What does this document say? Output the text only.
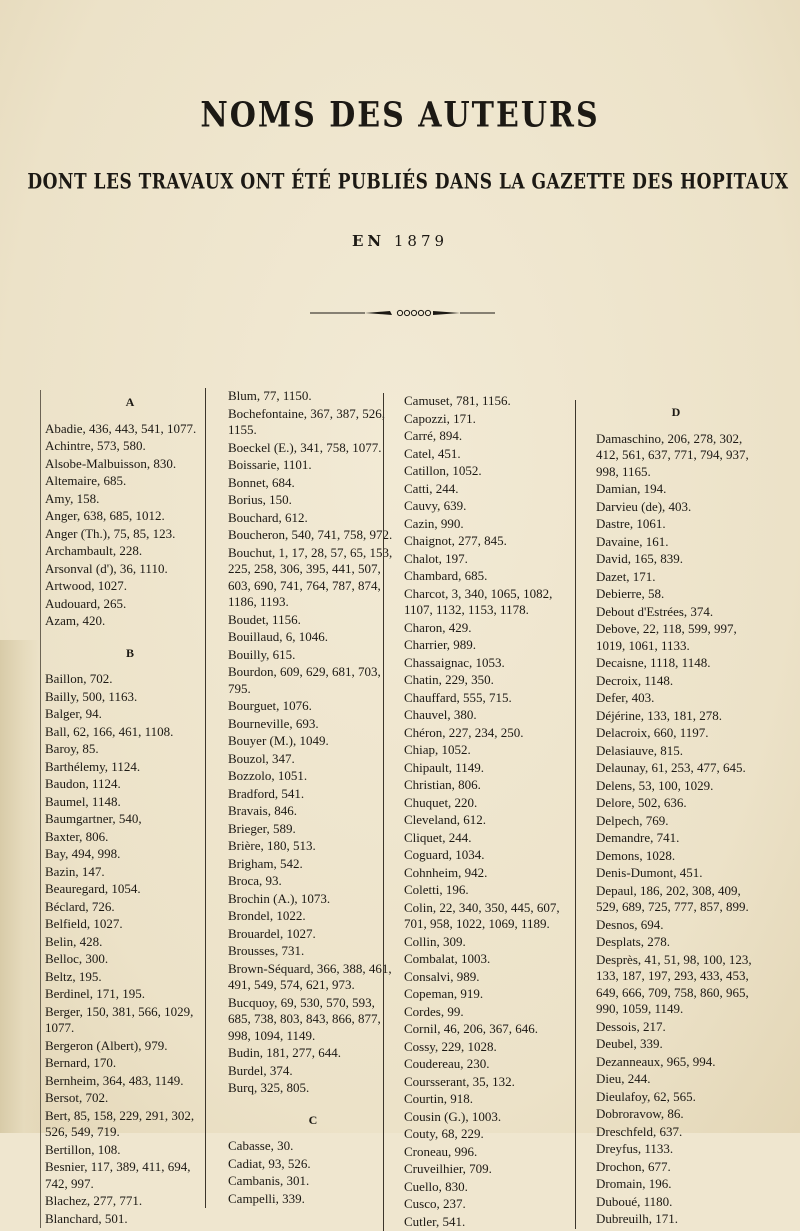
NOMS DES AUTEURS
DONT LES TRAVAUX ONT ÉTÉ PUBLIÉS DANS LA GAZETTE DES HOPITAUX
EN 1879
A
Abadie, 436, 443, 541, 1077.
Achintre, 573, 580.
Alsobe-Malbuisson, 830.
Altemaire, 685.
Amy, 158.
Anger, 638, 685, 1012.
Anger (Th.), 75, 85, 123.
Archambault, 228.
Arsonval (d'), 36, 1110.
Artwood, 1027.
Audouard, 265.
Azam, 420.
B
Baillon, 702.
Bailly, 500, 1163.
Balger, 94.
Ball, 62, 166, 461, 1108.
Baroy, 85.
Barthélemy, 1124.
Baudon, 1124.
Baumel, 1148.
Baumgartner, 540,
Baxter, 806.
Bay, 494, 998.
Bazin, 147.
Beauregard, 1054.
Béclard, 726.
Belfield, 1027.
Belin, 428.
Belloc, 300.
Beltz, 195.
Berdinel, 171, 195.
Berger, 150, 381, 566, 1029, 1077.
Bergeron (Albert), 979.
Bernard, 170.
Bernheim, 364, 483, 1149.
Bersot, 702.
Bert, 85, 158, 229, 291, 302, 526, 549, 719.
Bertillon, 108.
Besnier, 117, 389, 411, 694, 742, 997.
Blachez, 277, 771.
Blanchard, 501.
Blum, 77, 1150.
Bochefontaine, 367, 387, 526, 1155.
Boeckel (E.), 341, 758, 1077.
Boissarie, 1101.
Bonnet, 684.
Borius, 150.
Bouchard, 612.
Boucheron, 540, 741, 758, 972.
Bouchut, 1, 17, 28, 57, 65, 153, 225, 258, 306, 395, 441, 507, 603, 690, 741, 764, 787, 874, 1186, 1193.
Boudet, 1156.
Bouillaud, 6, 1046.
Bouilly, 615.
Bourdon, 609, 629, 681, 703, 795.
Bourguet, 1076.
Bourneville, 693.
Bouyer (M.), 1049.
Bouzol, 347.
Bozzolo, 1051.
Bradford, 541.
Bravais, 846.
Brieger, 589.
Brière, 180, 513.
Brigham, 542.
Broca, 93.
Brochin (A.), 1073.
Brondel, 1022.
Brouardel, 1027.
Brousses, 731.
Brown-Séquard, 366, 388, 461, 491, 549, 574, 621, 973.
Bucquoy, 69, 530, 570, 593, 685, 738, 803, 843, 866, 877, 998, 1094, 1149.
Budin, 181, 277, 644.
Burdel, 374.
Burq, 325, 805.
C
Cabasse, 30.
Cadiat, 93, 526.
Cambanis, 301.
Campelli, 339.
Camuset, 781, 1156.
Capozzi, 171.
Carré, 894.
Catel, 451.
Catillon, 1052.
Catti, 244.
Cauvy, 639.
Cazin, 990.
Chaignot, 277, 845.
Chalot, 197.
Chambard, 685.
Charcot, 3, 340, 1065, 1082, 1107, 1132, 1153, 1178.
Charon, 429.
Charrier, 989.
Chassaignac, 1053.
Chatin, 229, 350.
Chauffard, 555, 715.
Chauvel, 380.
Chéron, 227, 234, 250.
Chiap, 1052.
Chipault, 1149.
Christian, 806.
Chuquet, 220.
Cleveland, 612.
Cliquet, 244.
Coguard, 1034.
Cohnheim, 942.
Coletti, 196.
Colin, 22, 340, 350, 445, 607, 701, 958, 1022, 1069, 1189.
Collin, 309.
Combalat, 1003.
Consalvi, 989.
Copeman, 919.
Cordes, 99.
Cornil, 46, 206, 367, 646.
Cossy, 229, 1028.
Coudereau, 230.
Coursserant, 35, 132.
Courtin, 918.
Cousin (G.), 1003.
Couty, 68, 229.
Croneau, 996.
Cruveilhier, 709.
Cuello, 830.
Cusco, 237.
Cutler, 541.
D
Damaschino, 206, 278, 302, 412, 561, 637, 771, 794, 937, 998, 1165.
Damian, 194.
Darvieu (de), 403.
Dastre, 1061.
Davaine, 161.
David, 165, 839.
Dazet, 171.
Debierre, 58.
Debout d'Estrées, 374.
Debove, 22, 118, 599, 997, 1019, 1061, 1133.
Decaisne, 1118, 1148.
Decroix, 1148.
Defer, 403.
Déjérine, 133, 181, 278.
Delacroix, 660, 1197.
Delasiauve, 815.
Delaunay, 61, 253, 477, 645.
Delens, 53, 100, 1029.
Delore, 502, 636.
Delpech, 769.
Demandre, 741.
Demons, 1028.
Denis-Dumont, 451.
Depaul, 186, 202, 308, 409, 529, 689, 725, 777, 857, 899.
Desnos, 694.
Desplats, 278.
Desprès, 41, 51, 98, 100, 123, 133, 187, 197, 293, 433, 453, 649, 666, 709, 758, 860, 965, 990, 1059, 1149.
Dessois, 217.
Deubel, 339.
Dezanneaux, 965, 994.
Dieu, 244.
Dieulafoy, 62, 565.
Dobroravow, 86.
Dreschfeld, 637.
Dreyfus, 1133.
Drochon, 677.
Dromain, 196.
Duboué, 1180.
Dubreuilh, 171.
